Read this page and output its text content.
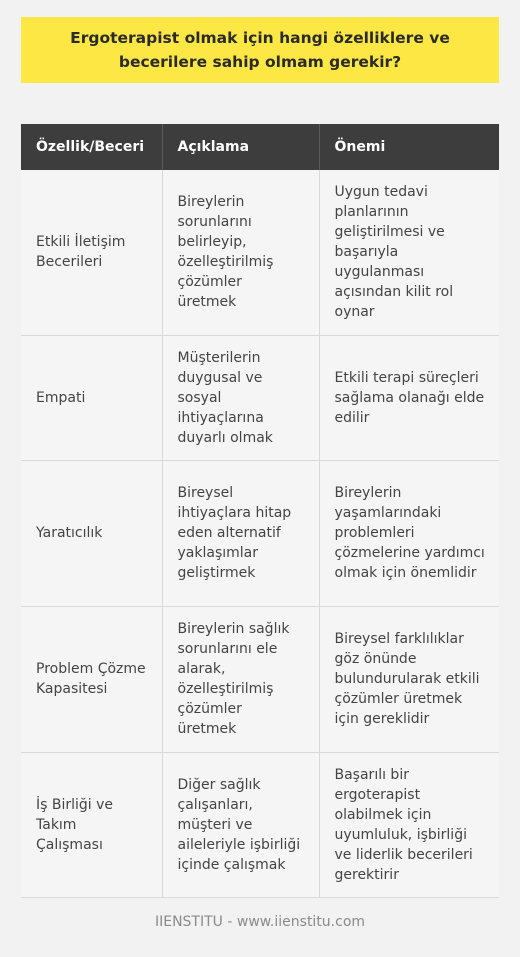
Ergoterapist olmak için hangi özelliklere ve becerilere sahip olmam gerekir?
Özellik/Beceri	Açıklama	Önemi
Etkili İletişim Becerileri	Bireylerin sorunlarını belirleyip, özelleştirilmiş çözümler üretmek	Uygun tedavi planlarının geliştirilmesi ve başarıyla uygulanması açısından kilit rol oynar
Empati	Müşterilerin duygusal ve sosyal ihtiyaçlarına duyarlı olmak	Etkili terapi süreçleri sağlama olanağı elde edilir
Yaratıcılık	Bireysel ihtiyaçlara hitap eden alternatif yaklaşımlar geliştirmek	Bireylerin yaşamlarındaki problemleri çözmelerine yardımcı olmak için önemlidir
Problem Çözme Kapasitesi	Bireylerin sağlık sorunlarını ele alarak, özelleştirilmiş çözümler üretmek	Bireysel farklılıklar göz önünde bulundurularak etkili çözümler üretmek için gereklidir
İş Birliği ve Takım Çalışması	Diğer sağlık çalışanları, müşteri ve aileleriyle işbirliği içinde çalışmak	Başarılı bir ergoterapist olabilmek için uyumluluk, işbirliği ve liderlik becerileri gerektirir
IIENSTITU - www.iienstitu.com
